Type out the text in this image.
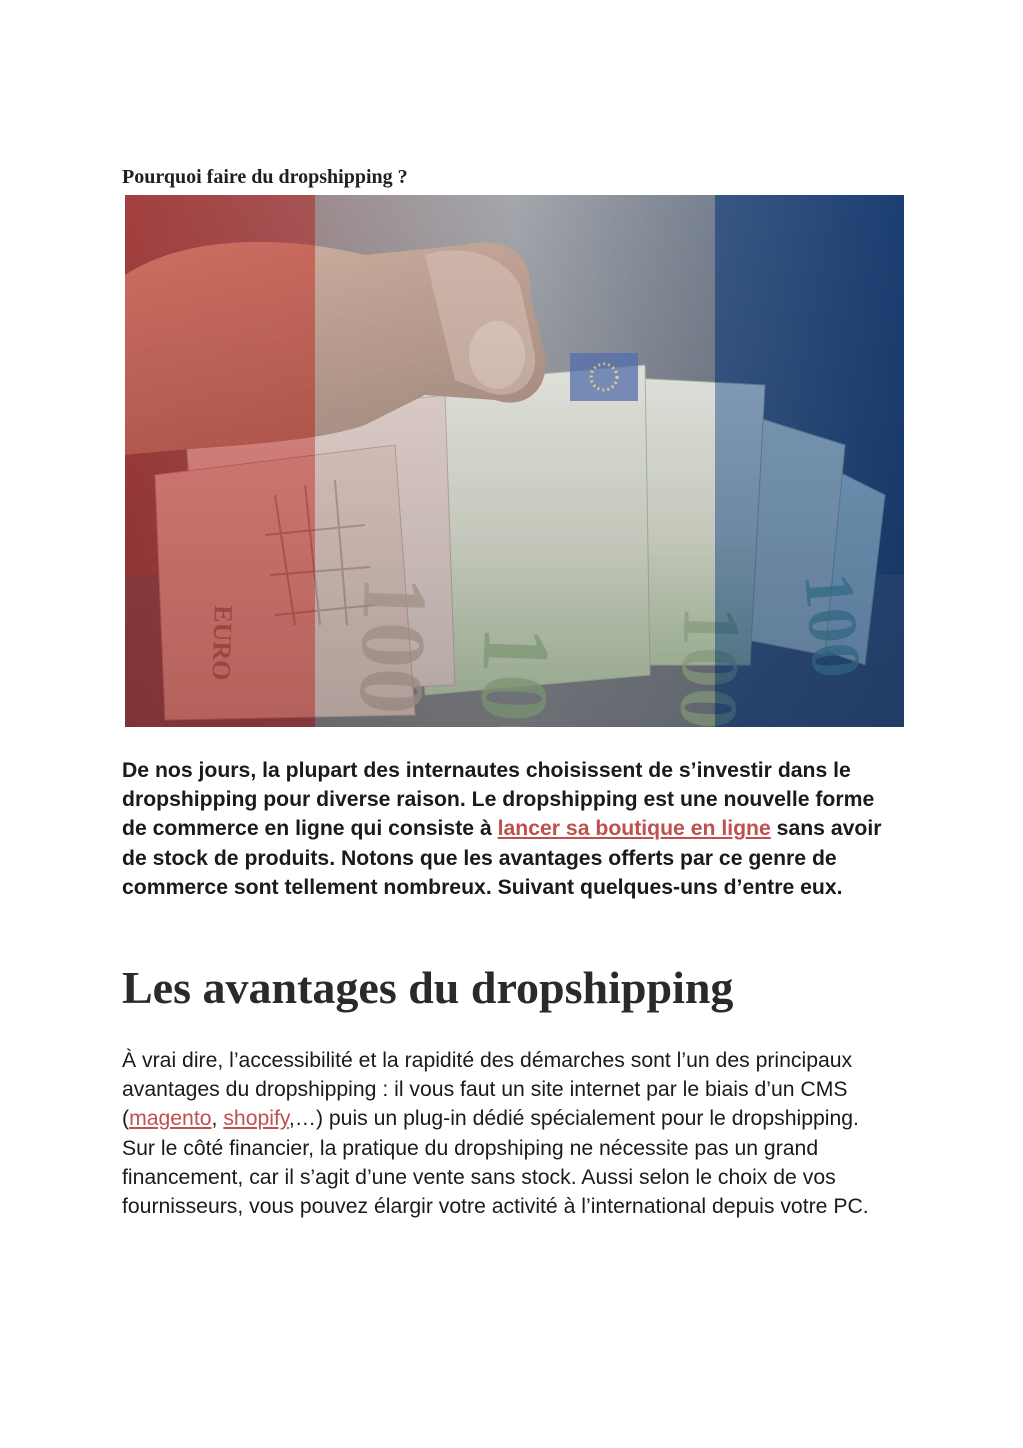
Pourquoi faire du dropshipping ?
De nos jours, la plupart des internautes choisissent de s’investir dans le dropshipping pour diverse raison. Le dropshipping est une nouvelle forme de commerce en ligne qui consiste à lancer sa boutique en ligne sans avoir de stock de produits. Notons que les avantages offerts par ce genre de commerce sont tellement nombreux. Suivant quelques-uns d’entre eux.
Les avantages du dropshipping
À vrai dire, l’accessibilité et la rapidité des démarches sont l’un des principaux avantages du dropshipping : il vous faut un site internet par le biais d’un CMS (magento, shopify,…) puis un plug-in dédié spécialement pour le dropshipping. Sur le côté financier, la pratique du dropshiping ne nécessite pas un grand financement, car il s’agit d’une vente sans stock. Aussi selon le choix de vos fournisseurs, vous pouvez élargir votre activité à l’international depuis votre PC.
